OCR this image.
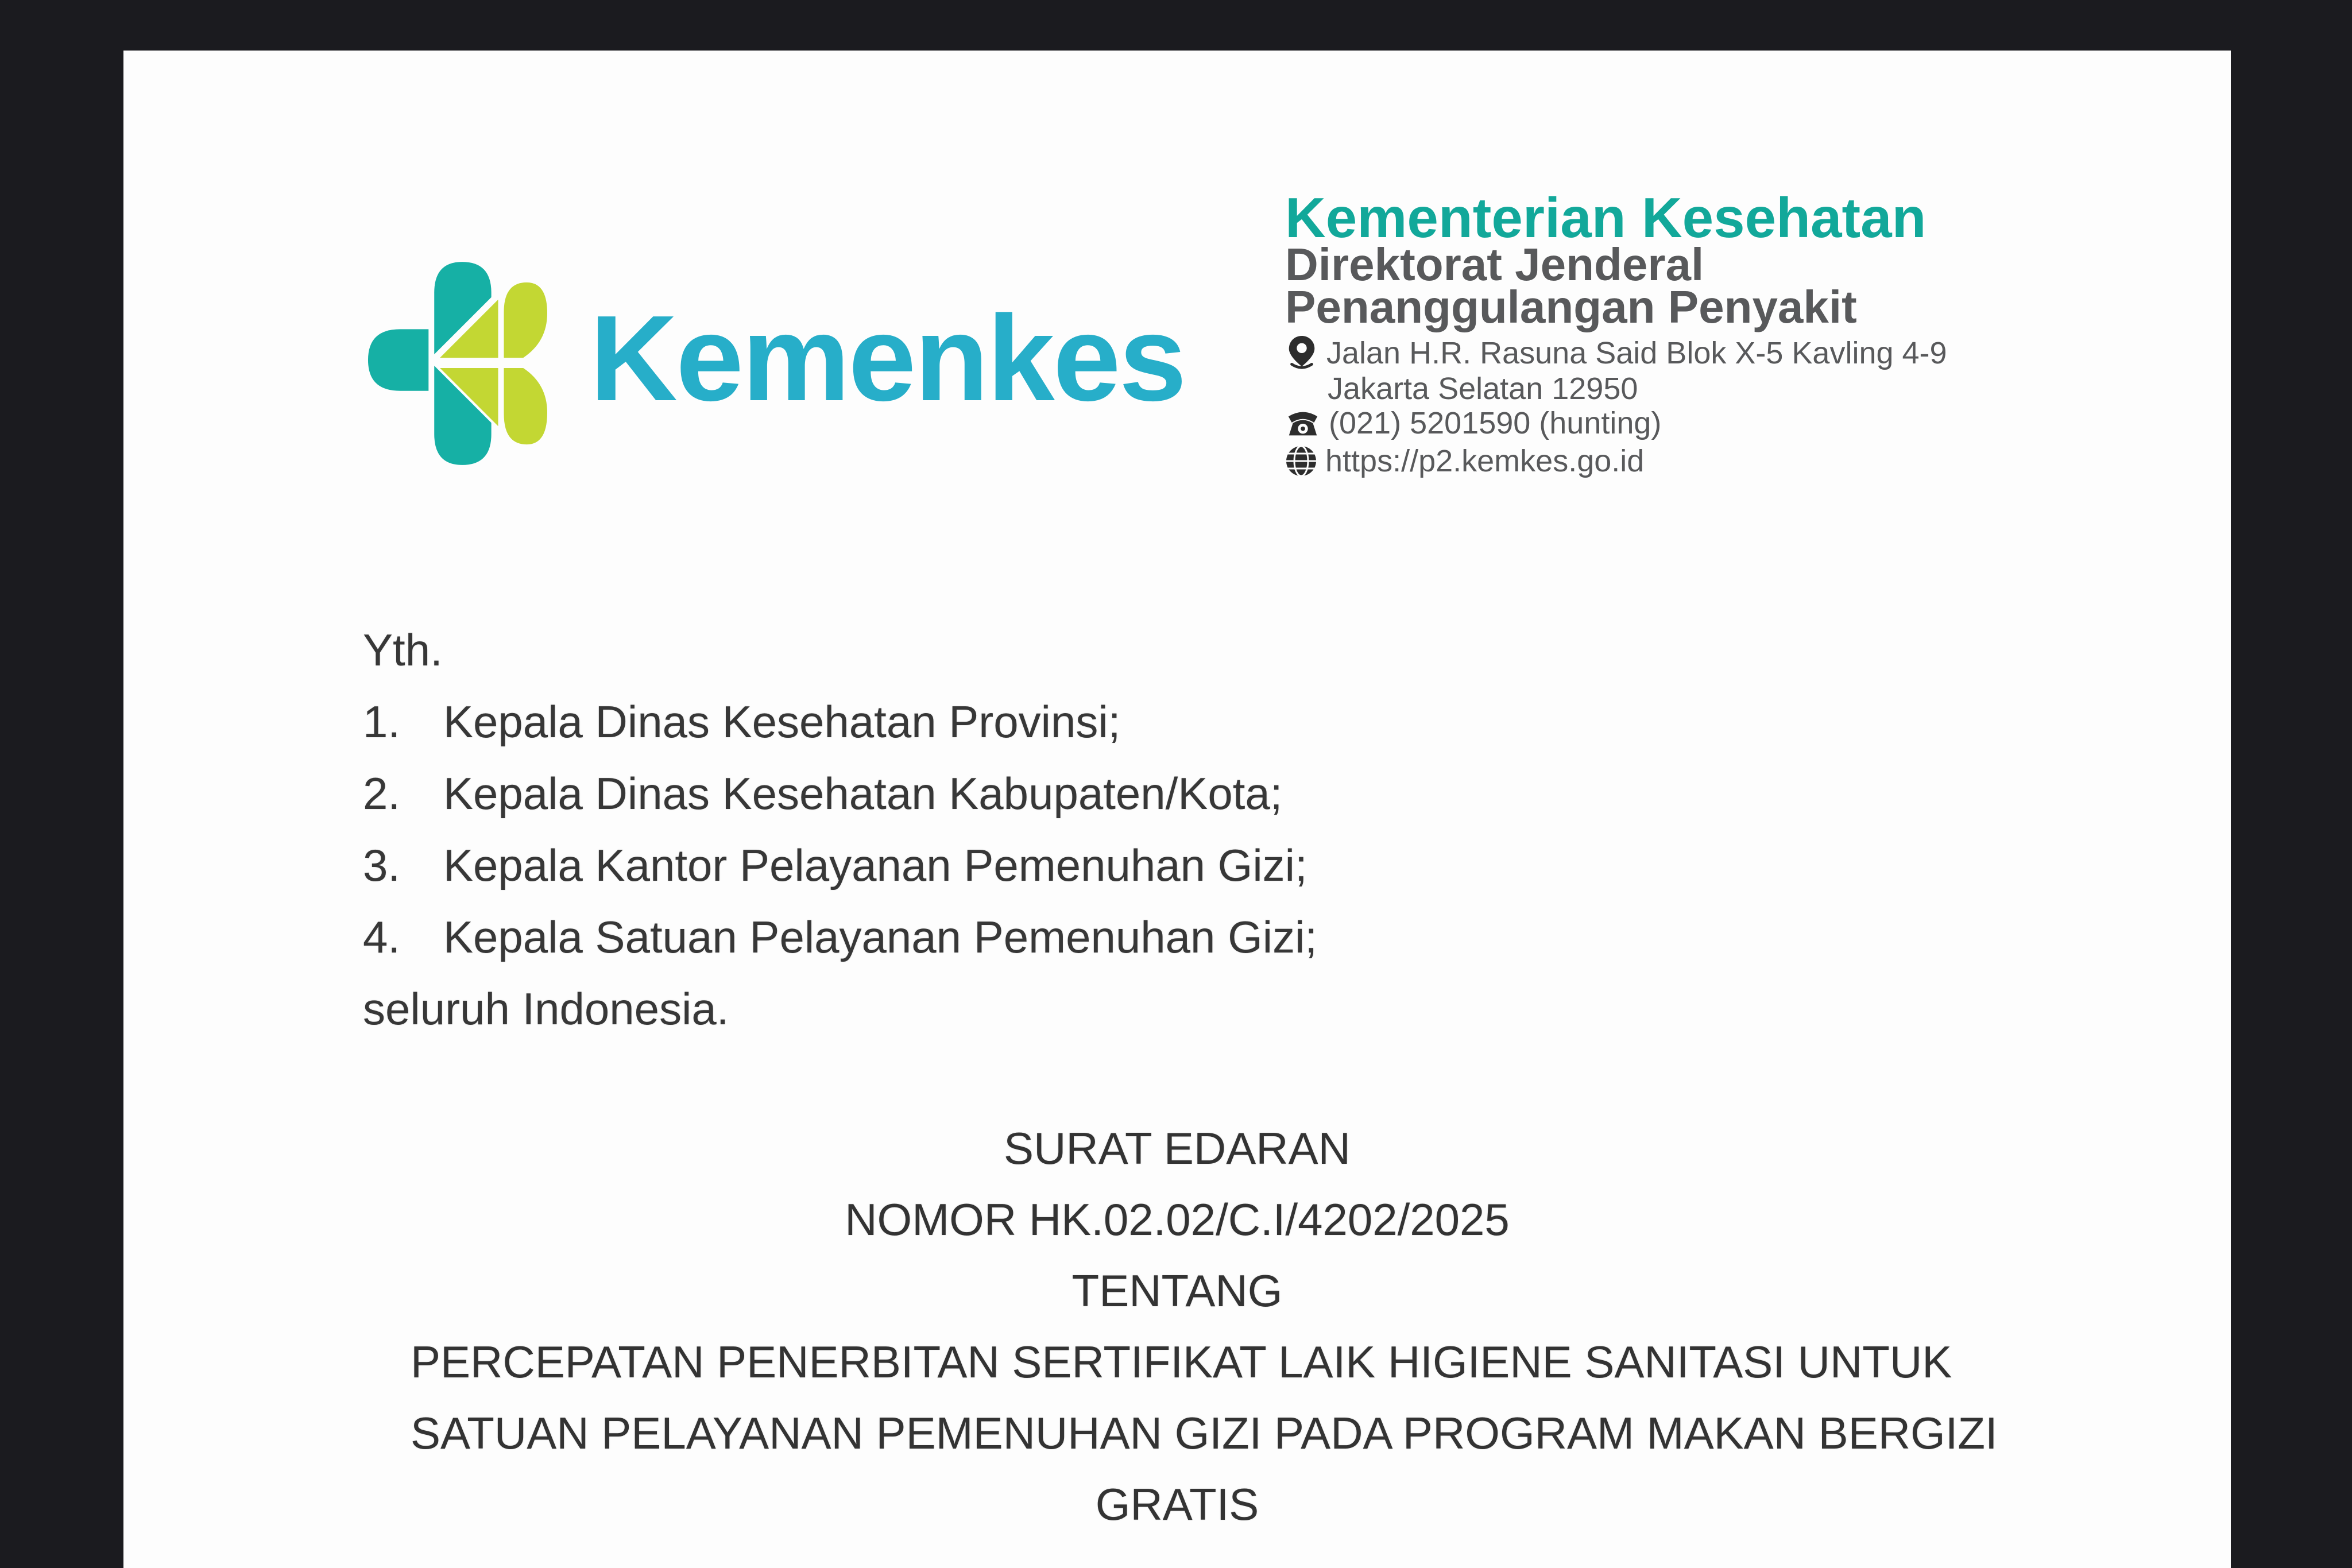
Kemenkes
Kementerian Kesehatan
Direktorat Jenderal
Penanggulangan Penyakit
Jalan H.R. Rasuna Said Blok X-5 Kavling 4-9
Jakarta Selatan 12950
(021) 5201590 (hunting)
https://p2.kemkes.go.id
Yth.
1. Kepala Dinas Kesehatan Provinsi;
2. Kepala Dinas Kesehatan Kabupaten/Kota;
3. Kepala Kantor Pelayanan Pemenuhan Gizi;
4. Kepala Satuan Pelayanan Pemenuhan Gizi;
seluruh Indonesia.
SURAT EDARAN
NOMOR HK.02.02/C.I/4202/2025
TENTANG
PERCEPATAN PENERBITAN SERTIFIKAT LAIK HIGIENE SANITASI UNTUK
SATUAN PELAYANAN PEMENUHAN GIZI PADA PROGRAM MAKAN BERGIZI
GRATIS
